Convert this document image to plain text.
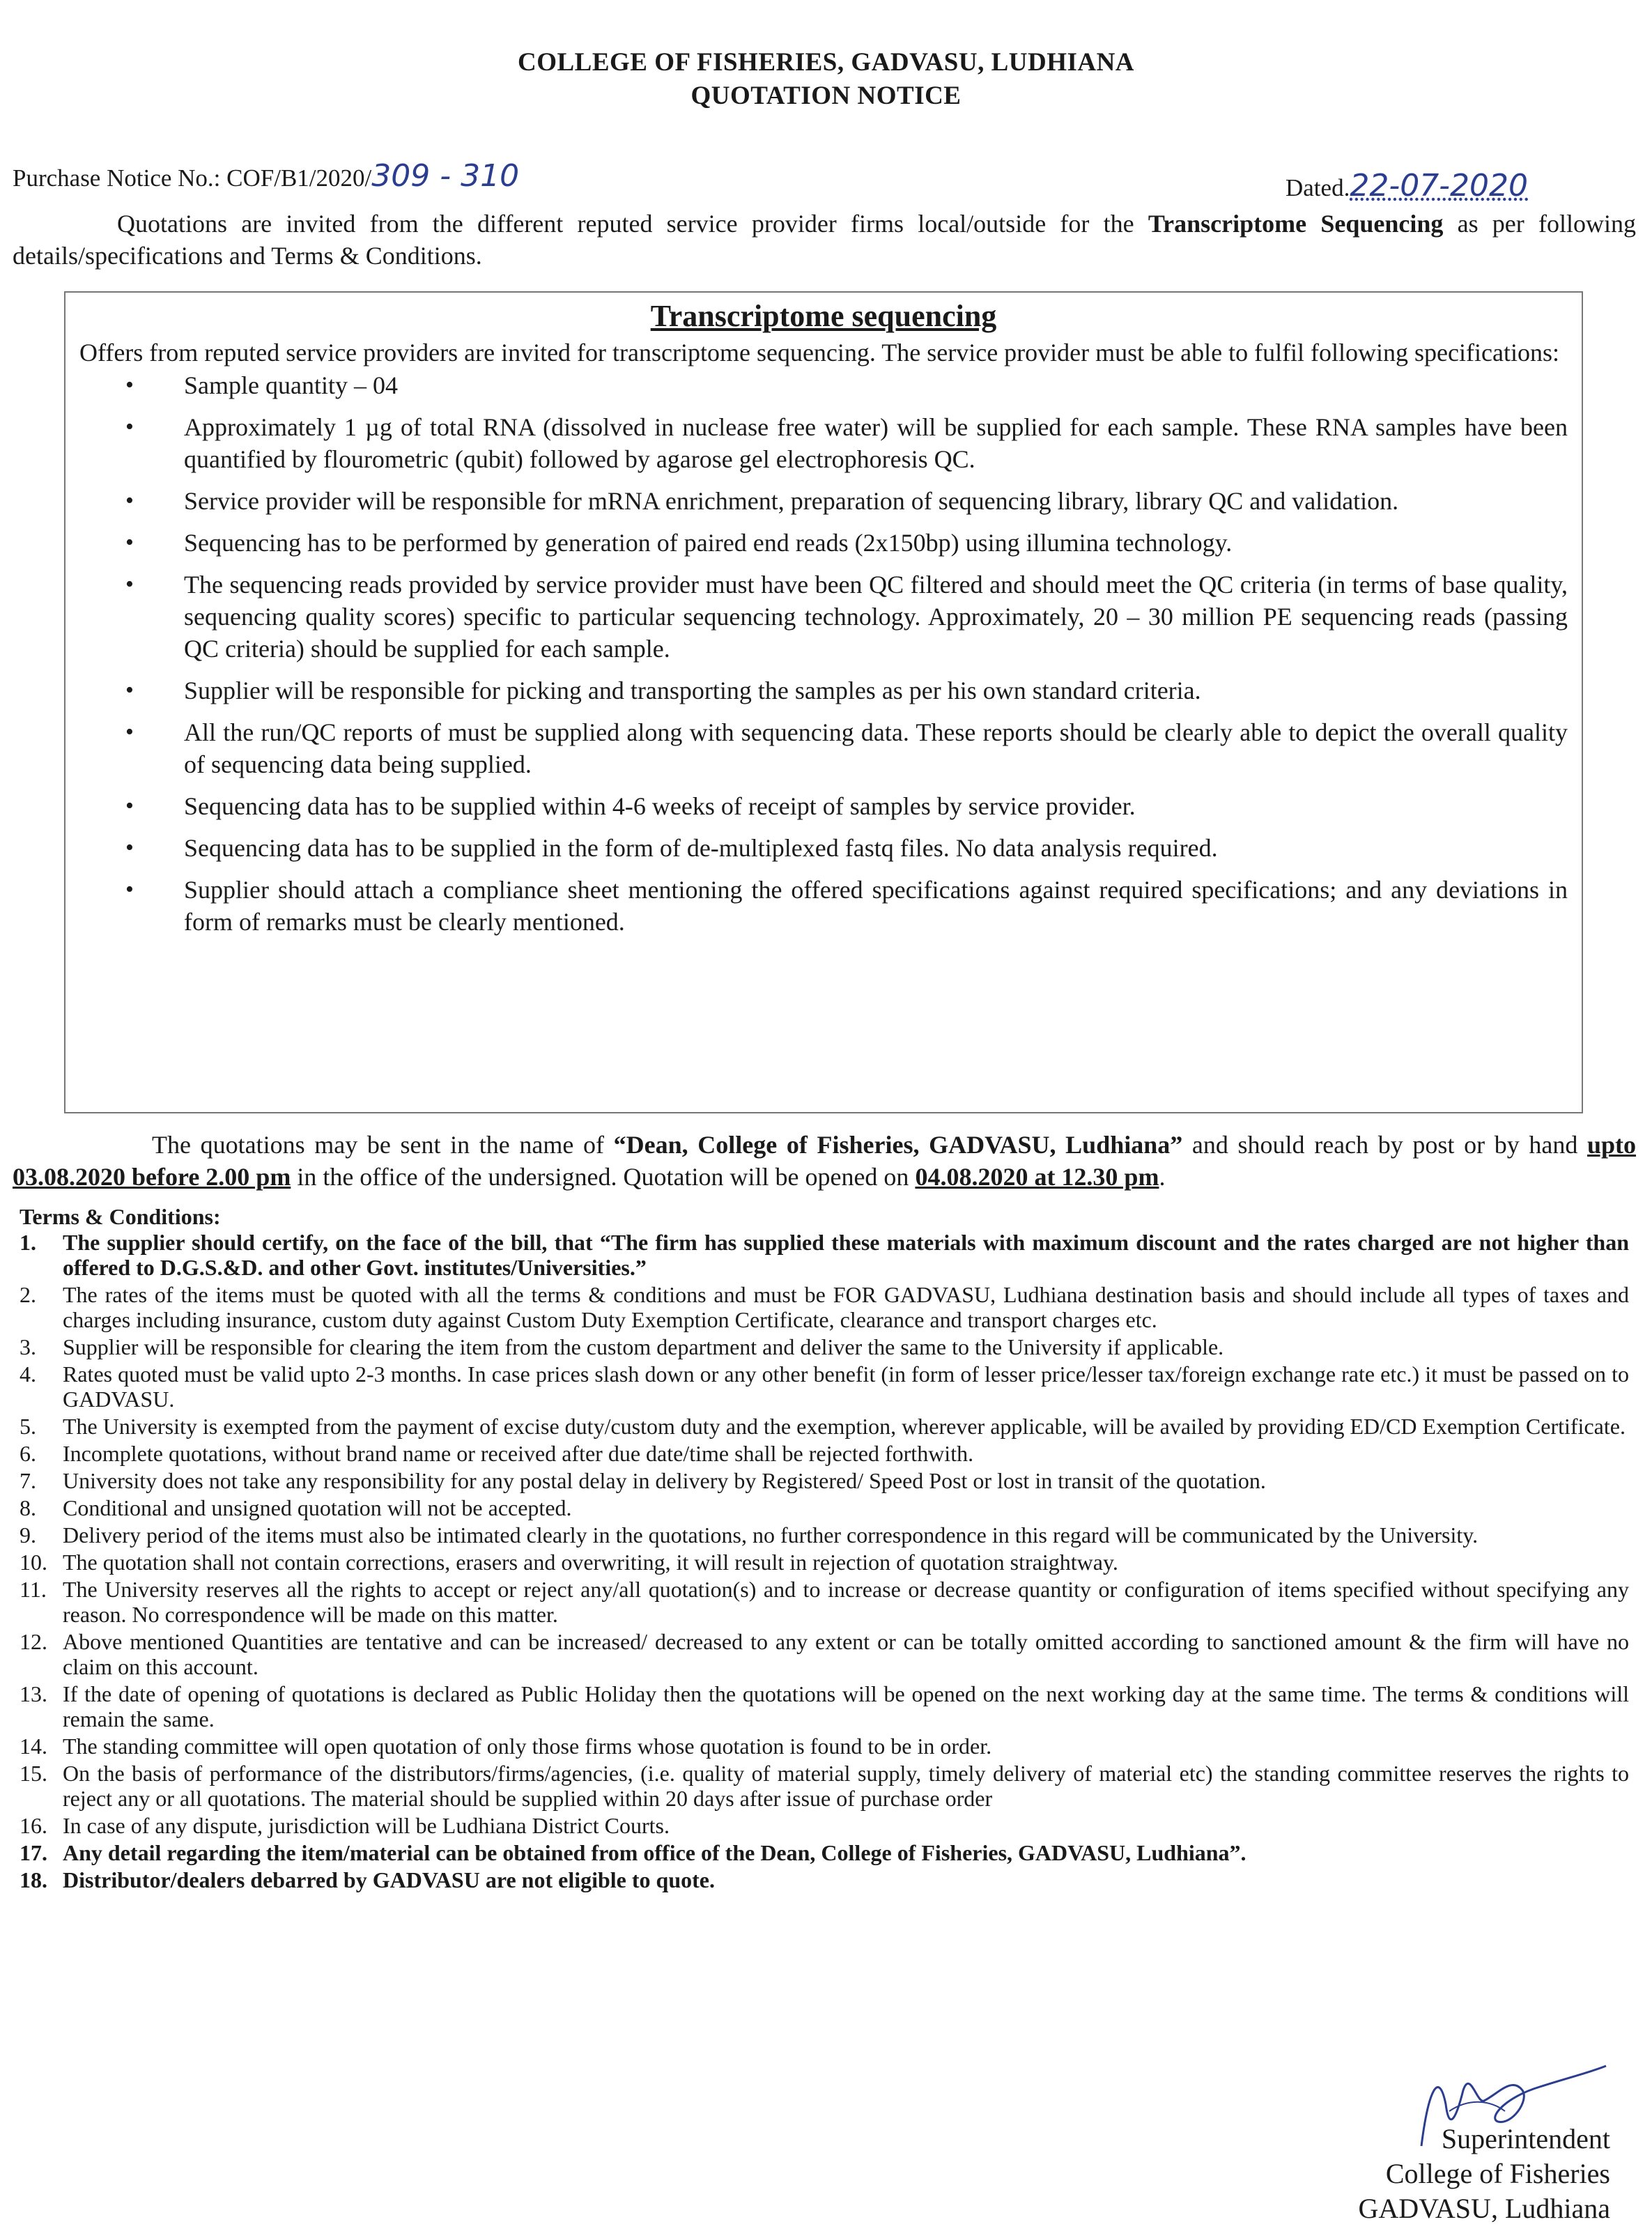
COLLEGE OF FISHERIES, GADVASU, LUDHIANA
QUOTATION NOTICE
Purchase Notice No.: COF/B1/2020/309 - 310	Dated.22-07-2020
Quotations are invited from the different reputed service provider firms local/outside for the Transcriptome Sequencing as per following details/specifications and Terms & Conditions.
Transcriptome sequencing
Offers from reputed service providers are invited for transcriptome sequencing. The service provider must be able to fulfil following specifications:
• Sample quantity – 04
• Approximately 1 µg of total RNA (dissolved in nuclease free water) will be supplied for each sample. These RNA samples have been quantified by flourometric (qubit) followed by agarose gel electrophoresis QC.
• Service provider will be responsible for mRNA enrichment, preparation of sequencing library, library QC and validation.
• Sequencing has to be performed by generation of paired end reads (2x150bp) using illumina technology.
• The sequencing reads provided by service provider must have been QC filtered and should meet the QC criteria (in terms of base quality, sequencing quality scores) specific to particular sequencing technology. Approximately, 20 – 30 million PE sequencing reads (passing QC criteria) should be supplied for each sample.
• Supplier will be responsible for picking and transporting the samples as per his own standard criteria.
• All the run/QC reports of must be supplied along with sequencing data. These reports should be clearly able to depict the overall quality of sequencing data being supplied.
• Sequencing data has to be supplied within 4-6 weeks of receipt of samples by service provider.
• Sequencing data has to be supplied in the form of de-multiplexed fastq files. No data analysis required.
• Supplier should attach a compliance sheet mentioning the offered specifications against required specifications; and any deviations in form of remarks must be clearly mentioned.
The quotations may be sent in the name of “Dean, College of Fisheries, GADVASU, Ludhiana” and should reach by post or by hand upto 03.08.2020 before 2.00 pm in the office of the undersigned. Quotation will be opened on 04.08.2020 at 12.30 pm.
Terms & Conditions:
1. The supplier should certify, on the face of the bill, that “The firm has supplied these materials with maximum discount and the rates charged are not higher than offered to D.G.S.&D. and other Govt. institutes/Universities.”
2. The rates of the items must be quoted with all the terms & conditions and must be FOR GADVASU, Ludhiana destination basis and should include all types of taxes and charges including insurance, custom duty against Custom Duty Exemption Certificate, clearance and transport charges etc.
3. Supplier will be responsible for clearing the item from the custom department and deliver the same to the University if applicable.
4. Rates quoted must be valid upto 2-3 months. In case prices slash down or any other benefit (in form of lesser price/lesser tax/foreign exchange rate etc.) it must be passed on to GADVASU.
5. The University is exempted from the payment of excise duty/custom duty and the exemption, wherever applicable, will be availed by providing ED/CD Exemption Certificate.
6. Incomplete quotations, without brand name or received after due date/time shall be rejected forthwith.
7. University does not take any responsibility for any postal delay in delivery by Registered/ Speed Post or lost in transit of the quotation.
8. Conditional and unsigned quotation will not be accepted.
9. Delivery period of the items must also be intimated clearly in the quotations, no further correspondence in this regard will be communicated by the University.
10. The quotation shall not contain corrections, erasers and overwriting, it will result in rejection of quotation straightway.
11. The University reserves all the rights to accept or reject any/all quotation(s) and to increase or decrease quantity or configuration of items specified without specifying any reason. No correspondence will be made on this matter.
12. Above mentioned Quantities are tentative and can be increased/ decreased to any extent or can be totally omitted according to sanctioned amount & the firm will have no claim on this account.
13. If the date of opening of quotations is declared as Public Holiday then the quotations will be opened on the next working day at the same time. The terms & conditions will remain the same.
14. The standing committee will open quotation of only those firms whose quotation is found to be in order.
15. On the basis of performance of the distributors/firms/agencies, (i.e. quality of material supply, timely delivery of material etc) the standing committee reserves the rights to reject any or all quotations. The material should be supplied within 20 days after issue of purchase order
16. In case of any dispute, jurisdiction will be Ludhiana District Courts.
17. Any detail regarding the item/material can be obtained from office of the Dean, College of Fisheries, GADVASU, Ludhiana”.
18. Distributor/dealers debarred by GADVASU are not eligible to quote.
Superintendent
College of Fisheries
GADVASU, Ludhiana
